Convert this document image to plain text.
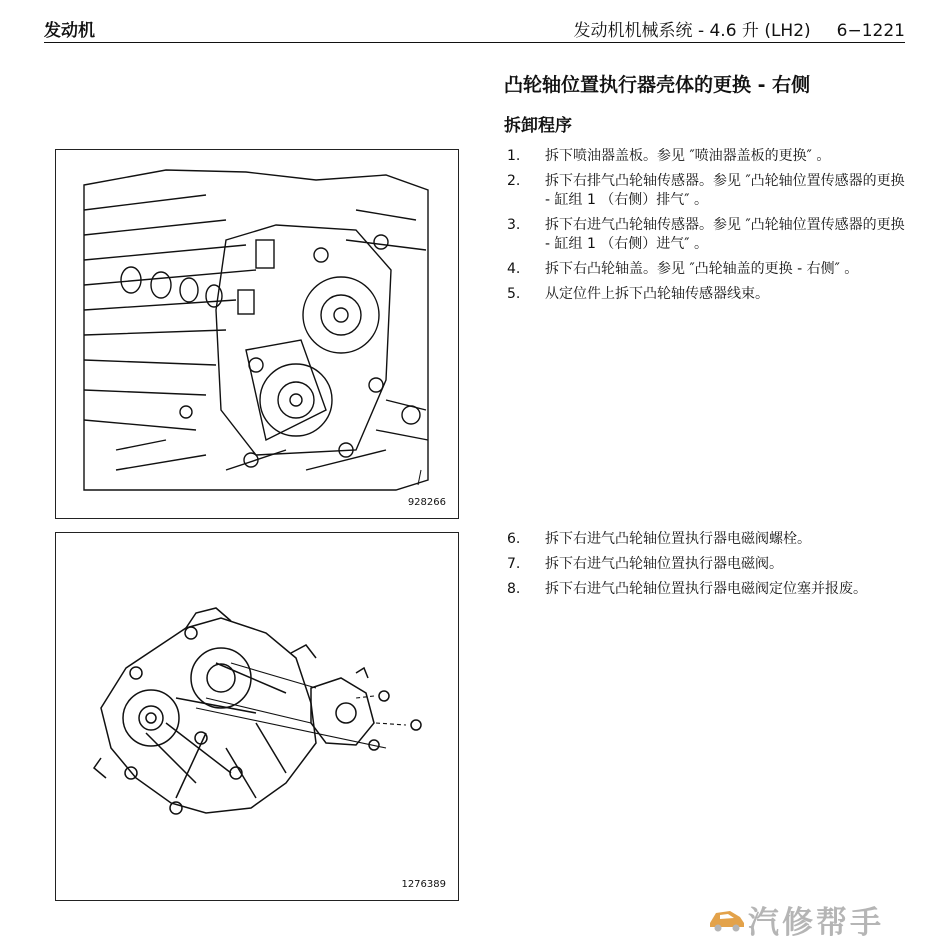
发动机	发动机机械系统 - 4.6 升 (LH2) 6−1221
凸轮轴位置执行器壳体的更换 - 右侧
拆卸程序
1. 拆下喷油器盖板。参见 ″喷油器盖板的更换″ 。
2. 拆下右排气凸轮轴传感器。参见 ″凸轮轴位置传感器的更换 - 缸组 1 （右侧）排气″ 。
3. 拆下右进气凸轮轴传感器。参见 ″凸轮轴位置传感器的更换 - 缸组 1 （右侧）进气″ 。
4. 拆下右凸轮轴盖。参见 ″凸轮轴盖的更换 - 右侧″ 。
5. 从定位件上拆下凸轮轴传感器线束。
6. 拆下右进气凸轮轴位置执行器电磁阀螺栓。
7. 拆下右进气凸轮轴位置执行器电磁阀。
8. 拆下右进气凸轮轴位置执行器电磁阀定位塞并报废。
928266
1276389
汽修帮手
